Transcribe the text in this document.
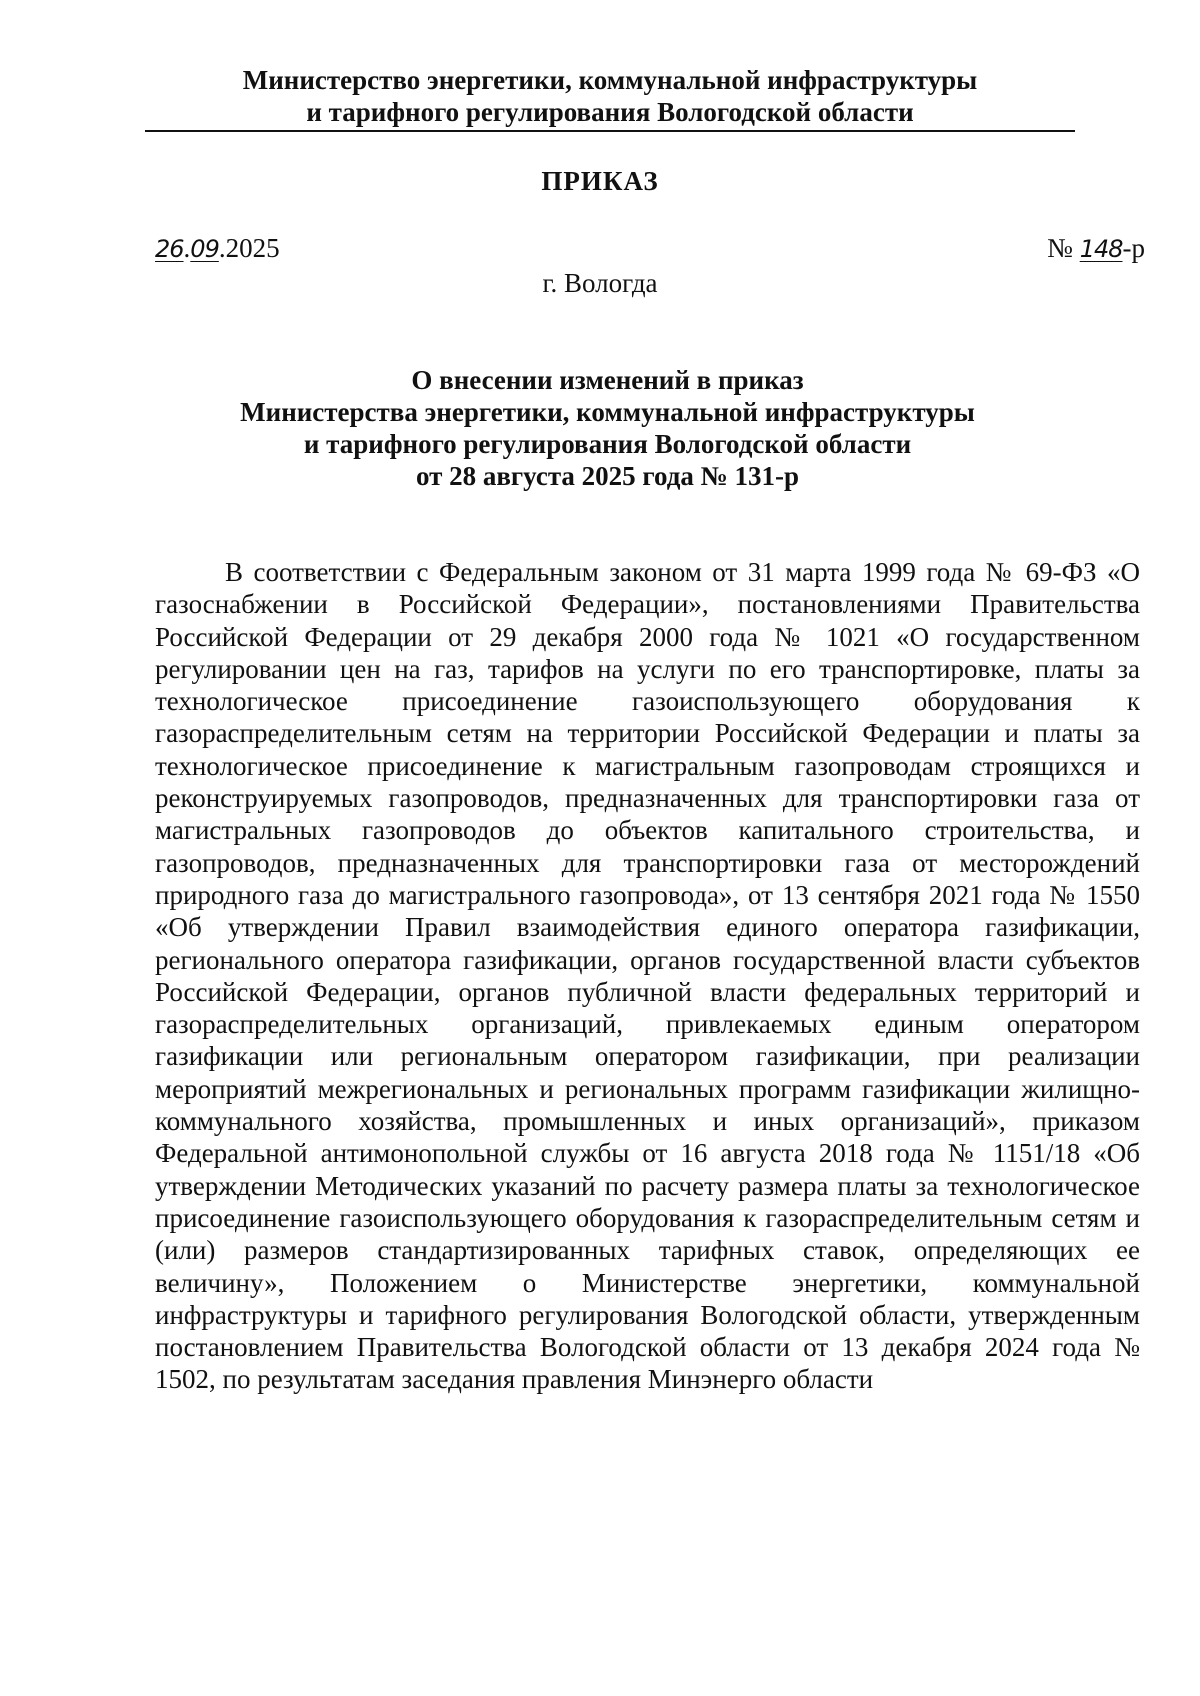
Министерство энергетики, коммунальной инфраструктуры
и тарифного регулирования Вологодской области
ПРИКАЗ
26.09.2025	№ 148-р
г. Вологда
О внесении изменений в приказ
Министерства энергетики, коммунальной инфраструктуры
и тарифного регулирования Вологодской области
от 28 августа 2025 года № 131-р

В соответствии с Федеральным законом от 31 марта 1999 года № 69-ФЗ «О газоснабжении в Российской Федерации», постановлениями Правительства Российской Федерации от 29 декабря 2000 года № 1021 «О государственном регулировании цен на газ, тарифов на услуги по его транспортировке, платы за технологическое присоединение газоиспользующего оборудования к газораспределительным сетям на территории Российской Федерации и платы за технологическое присоединение к магистральным газопроводам строящихся и реконструируемых газопроводов, предназначенных для транспортировки газа от магистральных газопроводов до объектов капитального строительства, и газопроводов, предназначенных для транспортировки газа от месторождений природного газа до магистрального газопровода», от 13 сентября 2021 года № 1550 «Об утверждении Правил взаимодействия единого оператора газификации, регионального оператора газификации, органов государственной власти субъектов Российской Федерации, органов публичной власти федеральных территорий и газораспределительных организаций, привлекаемых единым оператором газификации или региональным оператором газификации, при реализации мероприятий межрегиональных и региональных программ газификации жилищно-коммунального хозяйства, промышленных и иных организаций», приказом Федеральной антимонопольной службы от 16 августа 2018 года № 1151/18 «Об утверждении Методических указаний по расчету размера платы за технологическое присоединение газоиспользующего оборудования к газораспределительным сетям и (или) размеров стандартизированных тарифных ставок, определяющих ее величину», Положением о Министерстве энергетики, коммунальной инфраструктуры и тарифного регулирования Вологодской области, утвержденным постановлением Правительства Вологодской области от 13 декабря 2024 года № 1502, по результатам заседания правления Минэнерго области
